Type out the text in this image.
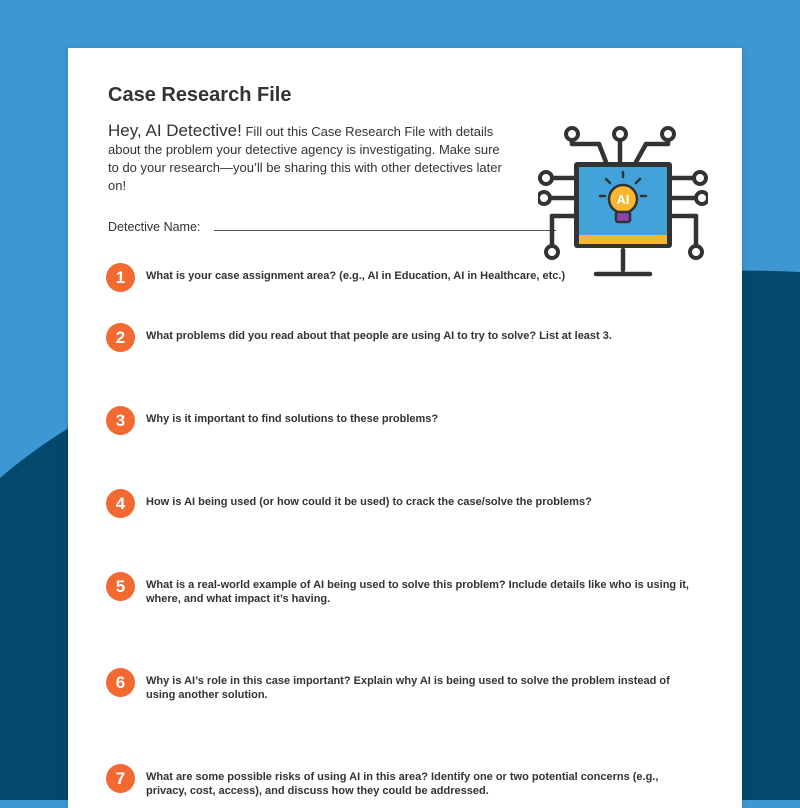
Case Research File
Hey, AI Detective! Fill out this Case Research File with details about the problem your detective agency is investigating. Make sure to do your research—you’ll be sharing this with other detectives later on!
Detective Name:
AI
1	What is your case assignment area? (e.g., AI in Education, AI in Healthcare, etc.)
2	What problems did you read about that people are using AI to try to solve? List at least 3.
3	Why is it important to find solutions to these problems?
4	How is AI being used (or how could it be used) to crack the case/solve the problems?
5	What is a real-world example of AI being used to solve this problem? Include details like who is using it, where, and what impact it’s having.
6	Why is AI’s role in this case important? Explain why AI is being used to solve the problem instead of using another solution.
7	What are some possible risks of using AI in this area? Identify one or two potential concerns (e.g., privacy, cost, access), and discuss how they could be addressed.
